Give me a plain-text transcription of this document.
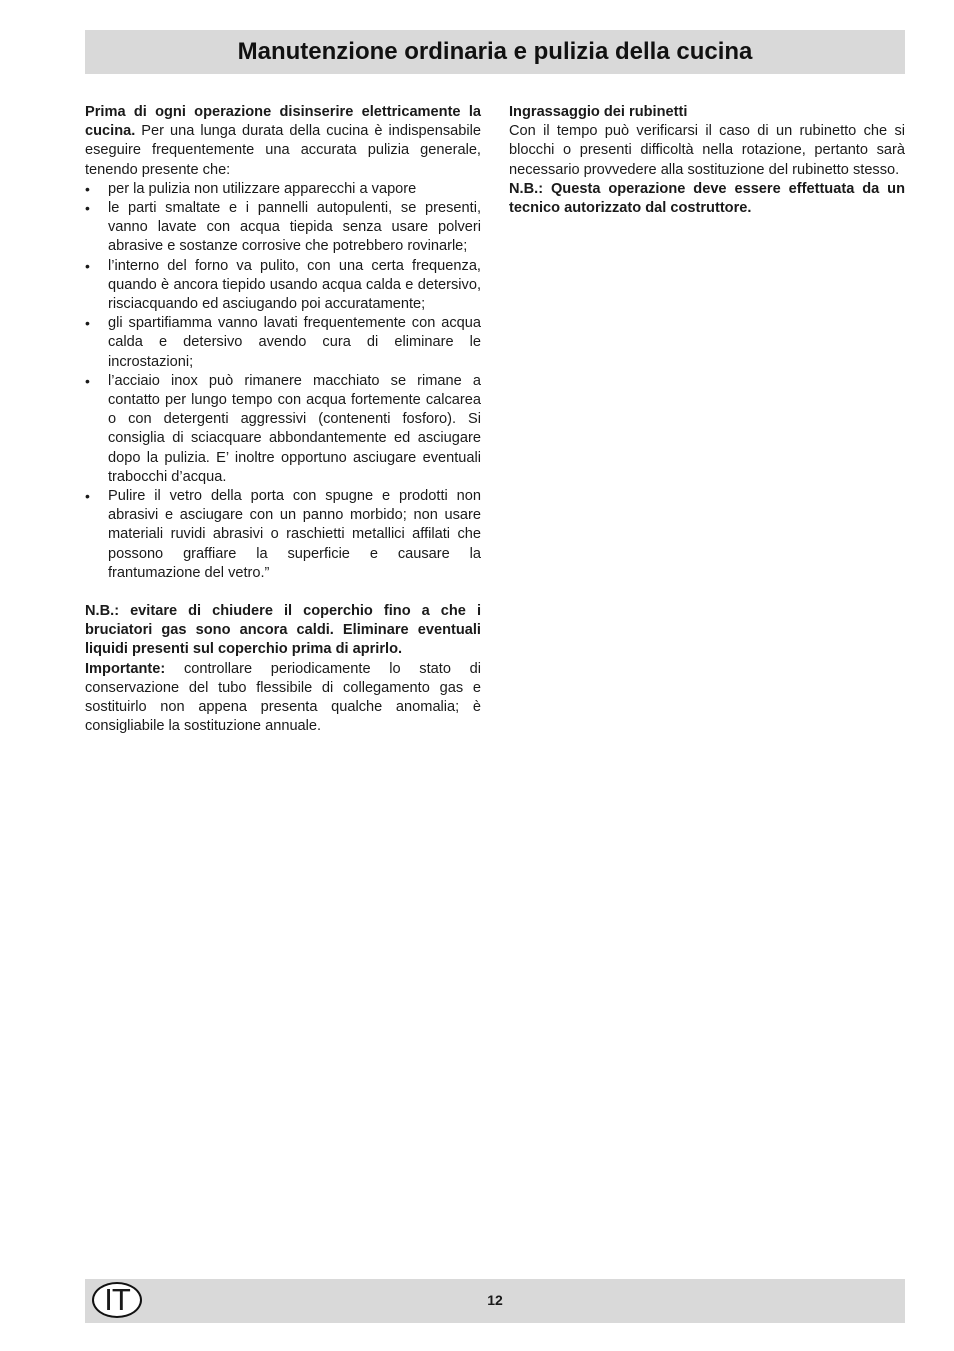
Manutenzione ordinaria e pulizia della cucina

Prima di ogni operazione disinserire elettricamente la cucina. Per una lunga durata della cucina è indispensabile eseguire frequentemente una accurata pulizia generale, tenendo presente che:

• per la pulizia non utilizzare apparecchi a vapore
• le parti smaltate e i pannelli autopulenti, se presenti, vanno lavate con acqua tiepida senza usare polveri abrasive e sostanze corrosive che potrebbero rovinarle;
• l’interno del forno va pulito, con una certa frequenza, quando è ancora tiepido usando acqua calda e detersivo, risciacquando ed asciugando poi accuratamente;
• gli spartifiamma vanno lavati frequentemente con acqua calda e detersivo avendo cura di eliminare le incrostazioni;
• l’acciaio inox può rimanere macchiato se rimane a contatto per lungo tempo con acqua fortemente calcarea o con detergenti aggressivi (contenenti fosforo). Si consiglia di sciacquare abbondantemente ed asciugare dopo la pulizia. E’ inoltre opportuno asciugare eventuali trabocchi d’acqua.
• Pulire il vetro della porta con spugne e prodotti non abrasivi e asciugare con un panno morbido; non usare materiali ruvidi abrasivi o raschietti metallici affilati che possono graffiare la superficie e causare la frantumazione del vetro.”

N.B.: evitare di chiudere il coperchio fino a che i bruciatori gas sono ancora caldi. Eliminare eventuali liquidi presenti sul coperchio prima di aprirlo.

Importante: controllare periodicamente lo stato di conservazione del tubo flessibile di collegamento gas e sostituirlo non appena presenta qualche anomalia; è consigliabile la sostituzione annuale.

Ingrassaggio dei rubinetti

Con il tempo può verificarsi il caso di un rubinetto che si blocchi o presenti difficoltà nella rotazione, pertanto sarà necessario provvedere alla sostituzione del rubinetto stesso.

N.B.: Questa operazione deve essere effettuata da un tecnico autorizzato dal costruttore.

IT	12
